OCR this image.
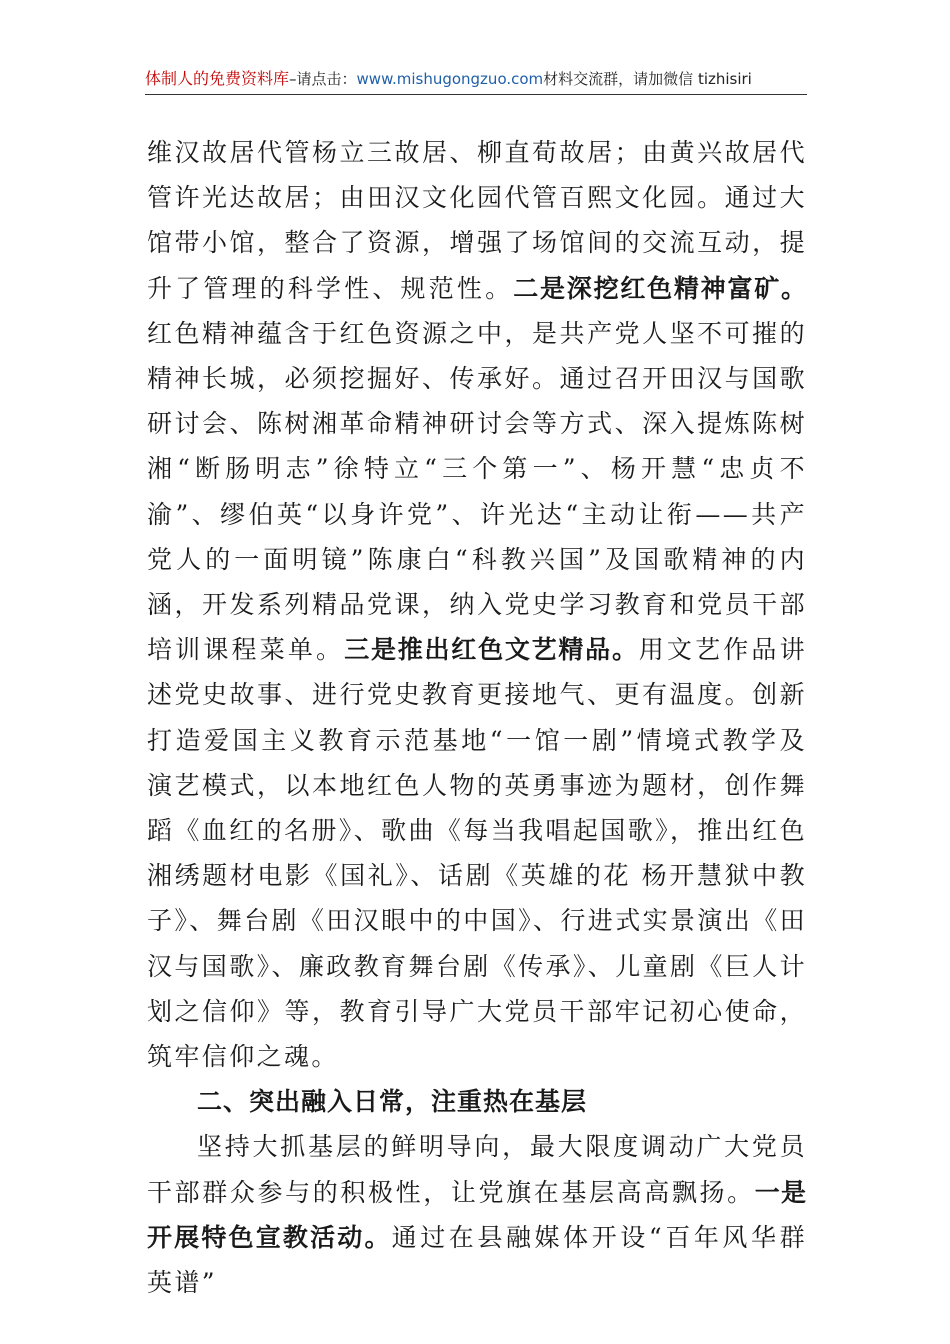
体制人的免费资料库–请点击：www.mishugongzuo.com材料交流群，请加微信 tizhisiri

维汉故居代管杨立三故居、柳直荀故居；由黄兴故居代管许光达故居；由田汉文化园代管百熙文化园。通过大馆带小馆，整合了资源，增强了场馆间的交流互动，提升了管理的科学性、规范性。二是深挖红色精神富矿。红色精神蕴含于红色资源之中，是共产党人坚不可摧的精神长城，必须挖掘好、传承好。通过召开田汉与国歌研讨会、陈树湘革命精神研讨会等方式、深入提炼陈树湘“断肠明志”徐特立“三个第一”、杨开慧“忠贞不渝”、缪伯英“以身许党”、许光达“主动让衔——共产党人的一面明镜”陈康白“科教兴国”及国歌精神的内涵，开发系列精品党课，纳入党史学习教育和党员干部培训课程菜单。三是推出红色文艺精品。用文艺作品讲述党史故事、进行党史教育更接地气、更有温度。创新打造爱国主义教育示范基地“一馆一剧”情境式教学及演艺模式，以本地红色人物的英勇事迹为题材，创作舞蹈《血红的名册》、歌曲《每当我唱起国歌》，推出红色湘绣题材电影《国礼》、话剧《英雄的花 杨开慧狱中教子》、舞台剧《田汉眼中的中国》、行进式实景演出《田汉与国歌》、廉政教育舞台剧《传承》、儿童剧《巨人计划之信仰》等，教育引导广大党员干部牢记初心使命，筑牢信仰之魂。

二、突出融入日常，注重热在基层

坚持大抓基层的鲜明导向，最大限度调动广大党员干部群众参与的积极性，让党旗在基层高高飘扬。一是开展特色宣教活动。通过在县融媒体开设“百年风华群英谱”
